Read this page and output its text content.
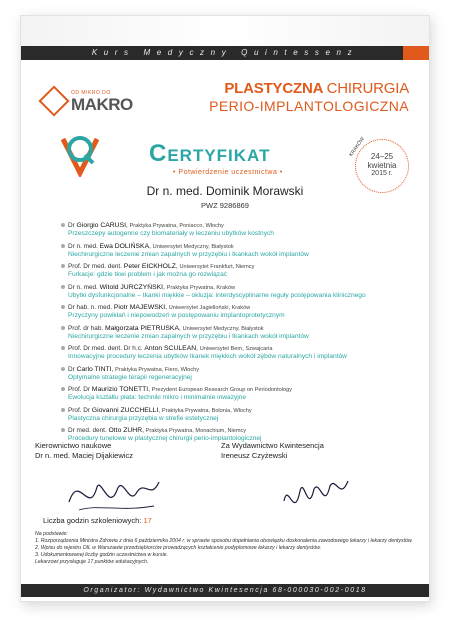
Kurs Medyczny Quintessenz
OD MIKRO DO
MAKRO
PLASTYCZNA CHIRURGIA
PERIO-IMPLANTOLOGICZNA
Certyfikat
• Potwierdzenie uczestnictwa •
KRAKÓW 24–25
kwietnia
2015 r.
Dr n. med. Dominik Morawski
PWZ 9286869
Dr Giorgio CARUSI, Praktyka Prywatna, Poniacco, Włochy
Przeszczepy autogenne czy biomateriały w leczeniu ubytków kostnych
Dr n. med. Ewa DOLIŃSKA, Uniwersytet Medyczny, Białystok
Niechirurgiczne leczenie zmian zapalnych w przyzębiu i tkankach wokół implantów
Prof. Dr med. dent. Peter EICKHOLZ, Uniwersytet Frankfurt, Niemcy
Furkacje: gdzie tkwi problem i jak można go rozwiązać
Dr n. med. Witold JURCZYŃSKI, Praktyka Prywatna, Kraków
Ubytki dysfunkcjonalne – tkanki miękkie – okluzja: interdyscyplinarne reguły postępowania klinicznego
Dr hab. n. med. Piotr MAJEWSKI, Uniwersytet Jagielloński, Kraków
Przyczyny powikłań i niepowodzeń w postępowaniu implantoprotetycznym
Prof. dr hab. Małgorzata PIETRUSKA, Uniwersytet Medyczny, Białystok
Niechirurgiczne leczenie zmian zapalnych w przyzębiu i tkankach wokół implantów
Prof. Dr med. dent. Dr h.c. Anton SCULEAN, Uniwersytet Bern, Szwajcaria
Innowacyjne procedury leczenia ubytków tkanek miękkich wokół zębów naturalnych i implantów
Dr Carlo TINTI, Praktyka Prywatna, Fiero, Włochy
Optymalne strategie terapii regeneracyjnej
Prof. Dr Maurizio TONETTI, Prezydent European Research Group on Periodontology
Ewolucja kształtu płata: techniki mikro i minimalnie inwazyjne
Prof. Dr Giovanni ZUCCHELLI, Praktyka Prywatna, Bolonia, Włochy
Plastyczna chirurgia przyzębia w strefie estetycznej
Dr med. dent. Otto ZUHR, Praktyka Prywatna, Monachium, Niemcy
Procedury tunelowe w plastycznej chirurgii perio-implantologicznej
Kierownictwo naukowe
Dr n. med. Maciej Dijakiewicz
Za Wydawnictwo Kwintesencja
Ireneusz Czyżewski
Liczba godzin szkoleniowych: 17
Na podstawie:
1. Rozporządzenia Ministra Zdrowia z dnia 6 października 2004 r. w sprawie sposobu dopełniania obowiązku doskonalenia zawodowego lekarzy i lekarzy dentystów.
2. Wpisu do rejestru OIL w Warszawie przedsiębiorców prowadzących kształcenie podyplomowe lekarzy i lekarzy dentystów.
3. Udokumentowanej liczby godzin uczestnictwa w kursie.
Lekarzowi przysługuje 17 punktów edukacyjnych.
Organizator: Wydawnictwo Kwintesencja 68-000030-002-0018
